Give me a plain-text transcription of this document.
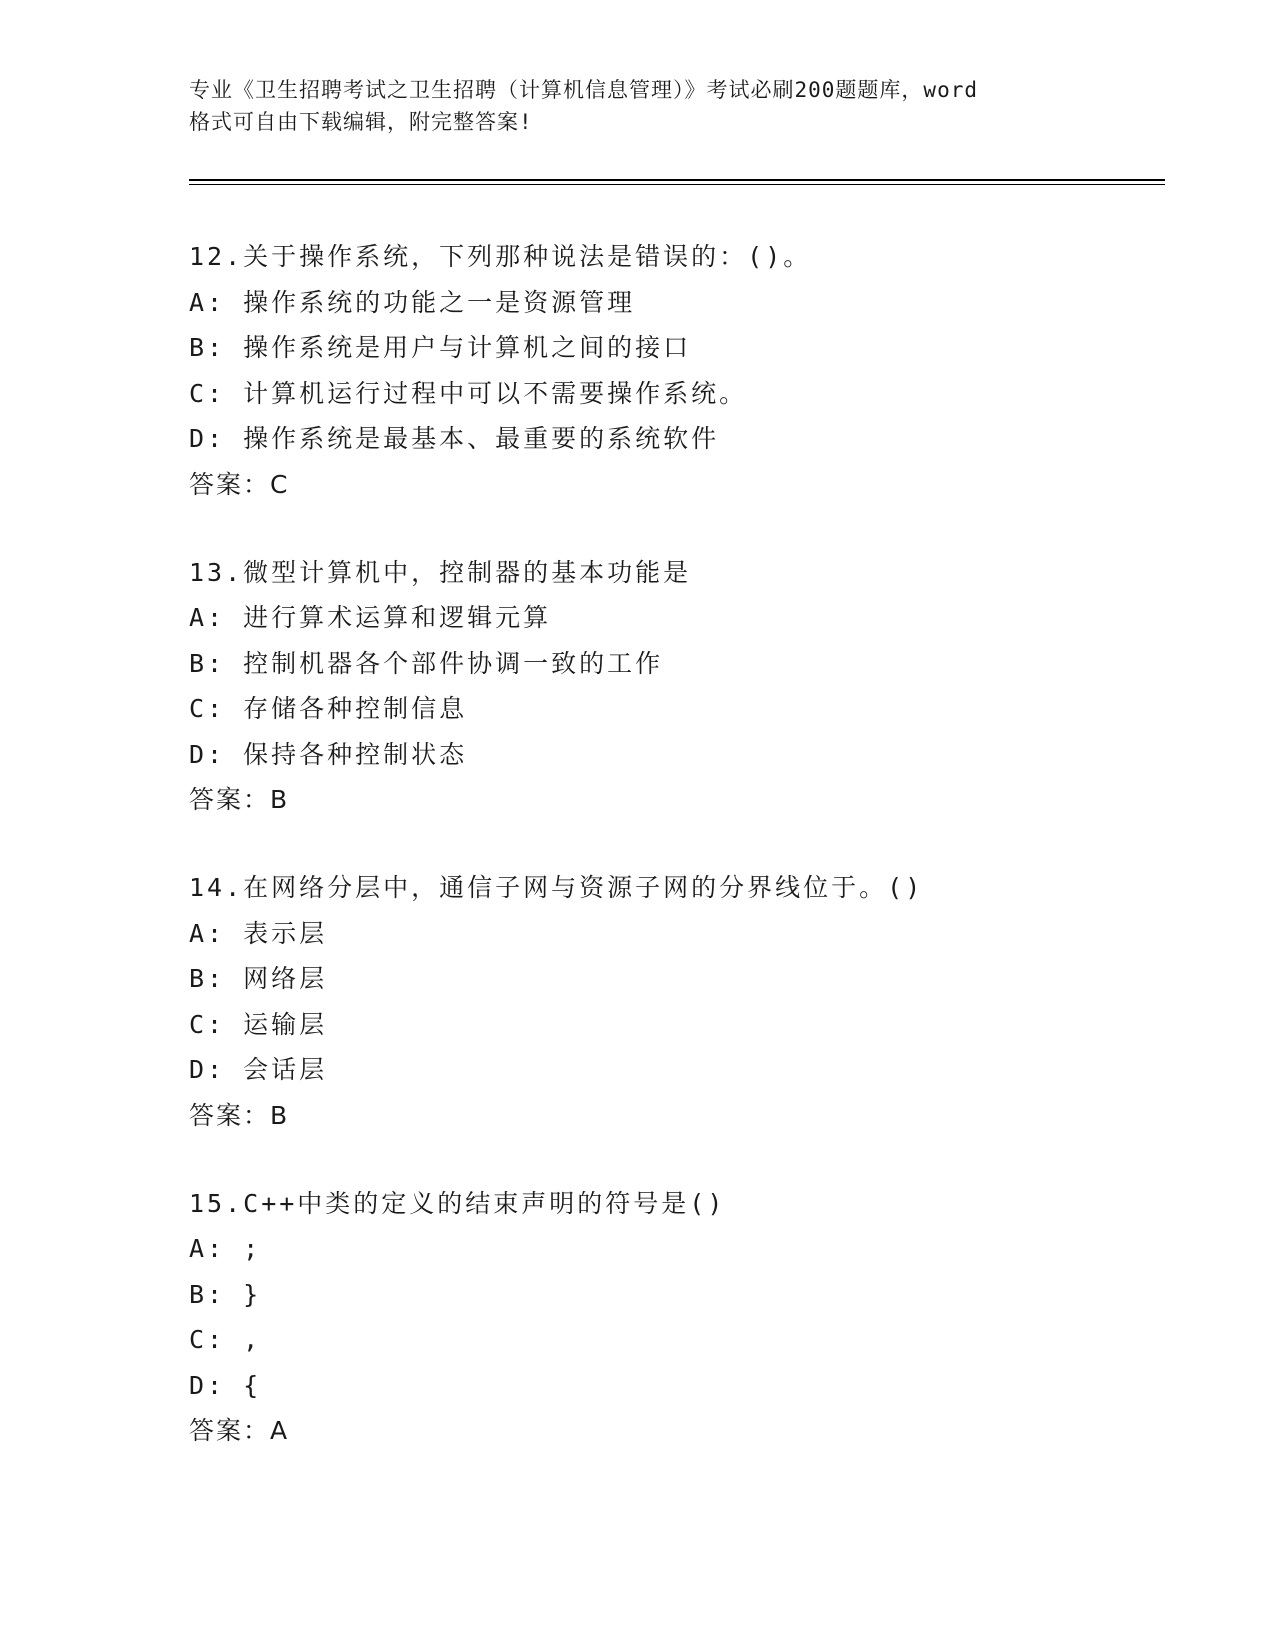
专业《卫生招聘考试之卫生招聘（计算机信息管理）》考试必刷200题题库，word
格式可自由下载编辑，附完整答案!
12.关于操作系统，下列那种说法是错误的：()。
A: 操作系统的功能之一是资源管理
B: 操作系统是用户与计算机之间的接口
C: 计算机运行过程中可以不需要操作系统。
D: 操作系统是最基本、最重要的系统软件
答案：C
13.微型计算机中，控制器的基本功能是
A: 进行算术运算和逻辑元算
B: 控制机器各个部件协调一致的工作
C: 存储各种控制信息
D: 保持各种控制状态
答案：B
14.在网络分层中，通信子网与资源子网的分界线位于。()
A: 表示层
B: 网络层
C: 运输层
D: 会话层
答案：B
15.C++中类的定义的结束声明的符号是()
A: ;
B: }
C: ,
D: {
答案：A
